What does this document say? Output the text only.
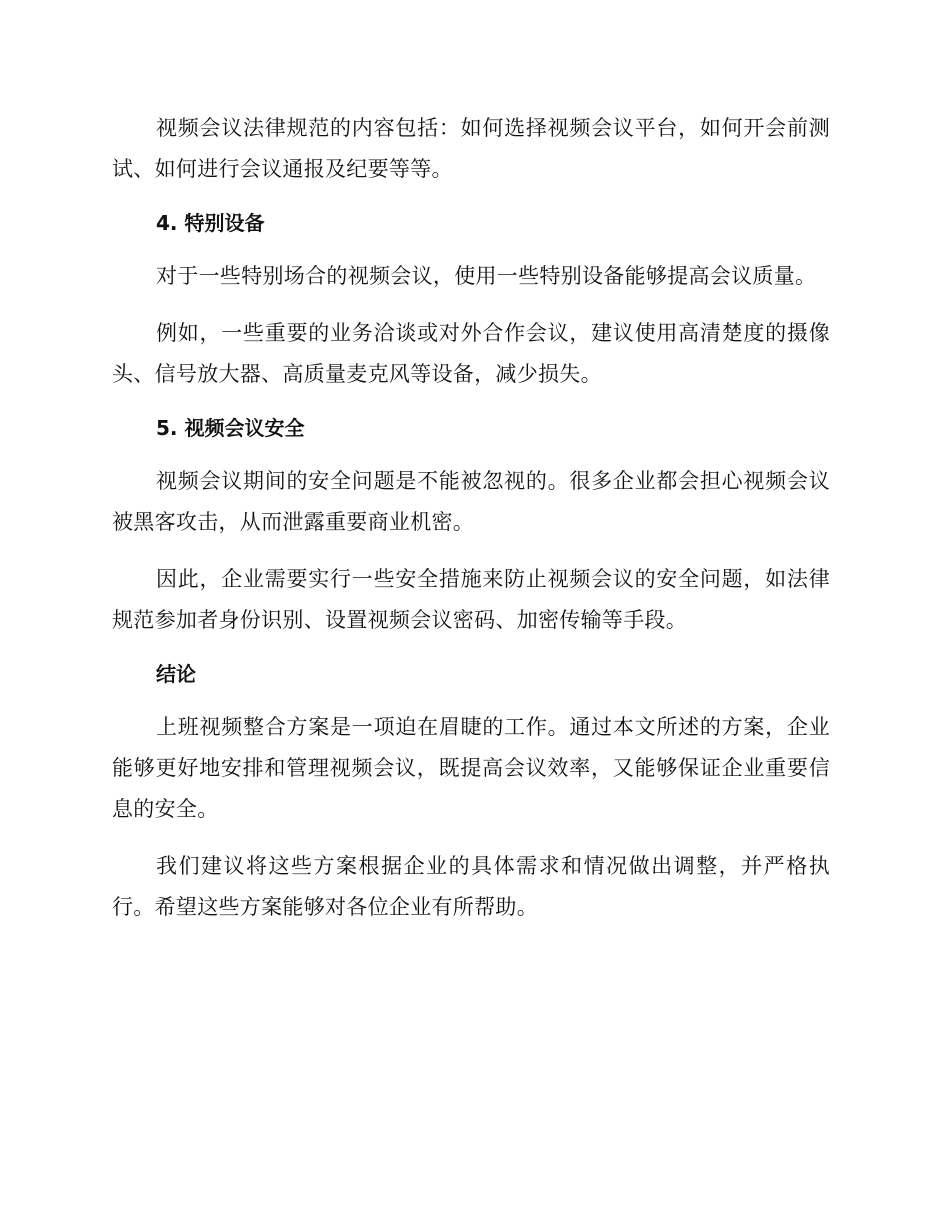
视频会议法律规范的内容包括：如何选择视频会议平台，如何开会前测试、如何进行会议通报及纪要等等。

4. 特别设备

对于一些特别场合的视频会议，使用一些特别设备能够提高会议质量。

例如，一些重要的业务洽谈或对外合作会议，建议使用高清楚度的摄像头、信号放大器、高质量麦克风等设备，减少损失。

5. 视频会议安全

视频会议期间的安全问题是不能被忽视的。很多企业都会担心视频会议被黑客攻击，从而泄露重要商业机密。

因此，企业需要实行一些安全措施来防止视频会议的安全问题，如法律规范参加者身份识别、设置视频会议密码、加密传输等手段。

结论

上班视频整合方案是一项迫在眉睫的工作。通过本文所述的方案，企业能够更好地安排和管理视频会议，既提高会议效率，又能够保证企业重要信息的安全。

我们建议将这些方案根据企业的具体需求和情况做出调整，并严格执行。希望这些方案能够对各位企业有所帮助。
